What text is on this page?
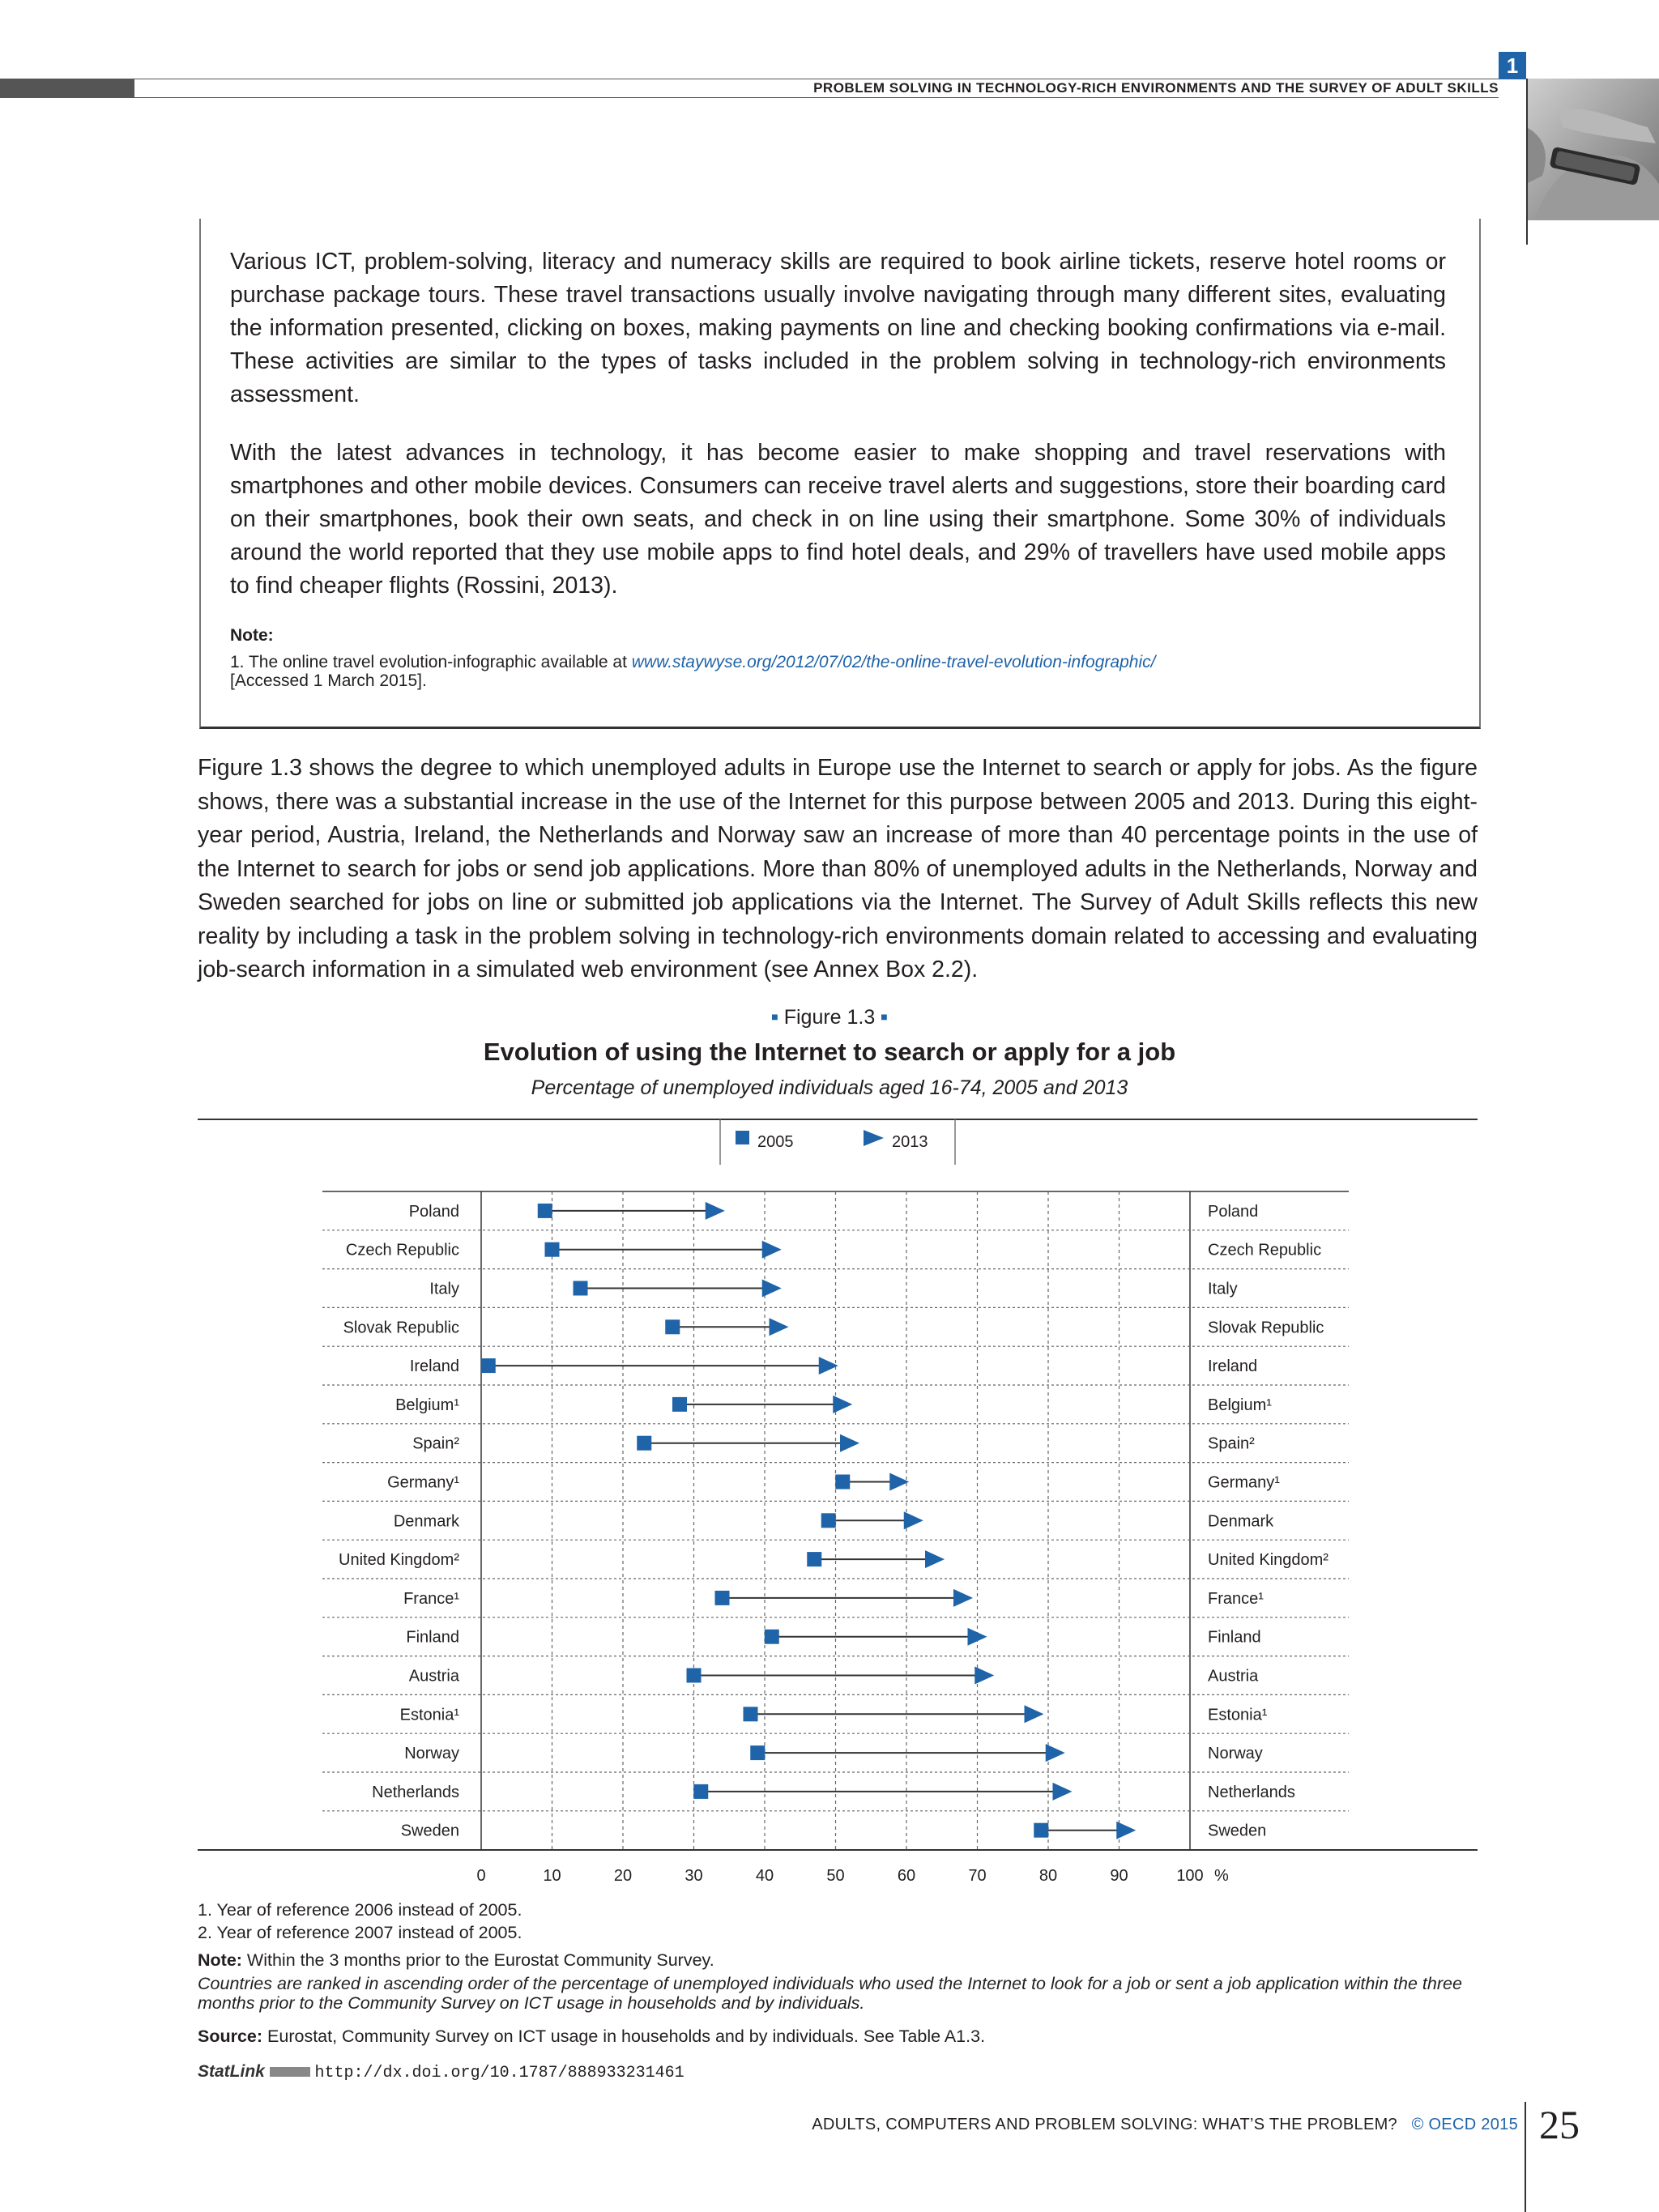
PROBLEM SOLVING IN TECHNOLOGY-RICH ENVIRONMENTS AND THE SURVEY OF ADULT SKILLS
1
Various ICT, problem-solving, literacy and numeracy skills are required to book airline tickets, reserve hotel rooms or purchase package tours. These travel transactions usually involve navigating through many different sites, evaluating the information presented, clicking on boxes, making payments on line and checking booking confirmations via e-mail. These activities are similar to the types of tasks included in the problem solving in technology-rich environments assessment.
With the latest advances in technology, it has become easier to make shopping and travel reservations with smartphones and other mobile devices. Consumers can receive travel alerts and suggestions, store their boarding card on their smartphones, book their own seats, and check in on line using their smartphone. Some 30% of individuals around the world reported that they use mobile apps to find hotel deals, and 29% of travellers have used mobile apps to find cheaper flights (Rossini, 2013).
Note:
1. The online travel evolution-infographic available at www.staywyse.org/2012/07/02/the-online-travel-evolution-infographic/
[Accessed 1 March 2015].
Figure 1.3 shows the degree to which unemployed adults in Europe use the Internet to search or apply for jobs. As the figure shows, there was a substantial increase in the use of the Internet for this purpose between 2005 and 2013. During this eight-year period, Austria, Ireland, the Netherlands and Norway saw an increase of more than 40 percentage points in the use of the Internet to search for jobs or send job applications. More than 80% of unemployed adults in the Netherlands, Norway and Sweden searched for jobs on line or submitted job applications via the Internet. The Survey of Adult Skills reflects this new reality by including a task in the problem solving in technology-rich environments domain related to accessing and evaluating job-search information in a simulated web environment (see Annex Box 2.2).
■ Figure 1.3 ■
Evolution of using the Internet to search or apply for a job
Percentage of unemployed individuals aged 16-74, 2005 and 2013
2005	2013
Poland	Poland
Czech Republic	Czech Republic
Italy	Italy
Slovak Republic	Slovak Republic
Ireland	Ireland
Belgium¹	Belgium¹
Spain²	Spain²
Germany¹	Germany¹
Denmark	Denmark
United Kingdom²	United Kingdom²
France¹	France¹
Finland	Finland
Austria	Austria
Estonia¹	Estonia¹
Norway	Norway
Netherlands	Netherlands
Sweden	Sweden
0	10	20	30	40	50	60	70	80	90	100 %
1. Year of reference 2006 instead of 2005.
2. Year of reference 2007 instead of 2005.
Note: Within the 3 months prior to the Eurostat Community Survey.
Countries are ranked in ascending order of the percentage of unemployed individuals who used the Internet to look for a job or sent a job application within the three months prior to the Community Survey on ICT usage in households and by individuals.
Source: Eurostat, Community Survey on ICT usage in households and by individuals. See Table A1.3.
StatLink	http://dx.doi.org/10.1787/888933231461
ADULTS, COMPUTERS AND PROBLEM SOLVING: WHAT’S THE PROBLEM? © OECD 2015 25
